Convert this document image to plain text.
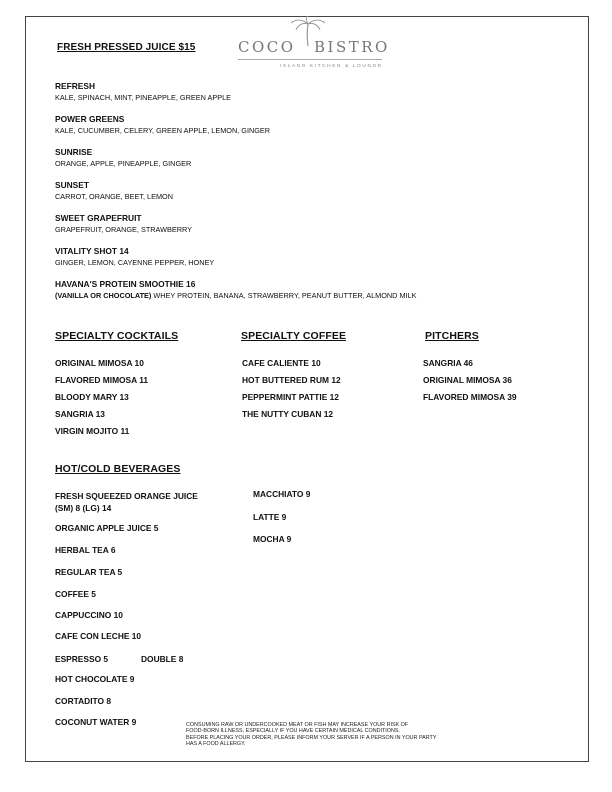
COCO BISTRO
ISLAND KITCHEN & LOUNGE
FRESH PRESSED JUICE $15
REFRESH
KALE, SPINACH, MINT, PINEAPPLE, GREEN APPLE
POWER GREENS
KALE, CUCUMBER, CELERY, GREEN APPLE, LEMON, GINGER
SUNRISE
ORANGE, APPLE, PINEAPPLE, GINGER
SUNSET
CARROT, ORANGE, BEET, LEMON
SWEET GRAPEFRUIT
GRAPEFRUIT, ORANGE, STRAWBERRY
VITALITY SHOT 14
GINGER, LEMON, CAYENNE PEPPER, HONEY
HAVANA'S PROTEIN SMOOTHIE 16
(VANILLA OR CHOCOLATE) WHEY PROTEIN, BANANA, STRAWBERRY, PEANUT BUTTER, ALMOND MILK
SPECIALTY COCKTAILS
ORIGINAL MIMOSA 10
FLAVORED MIMOSA 11
BLOODY MARY 13
SANGRIA 13
VIRGIN MOJITO 11
SPECIALTY COFFEE
CAFE CALIENTE 10
HOT BUTTERED RUM 12
PEPPERMINT PATTIE 12
THE NUTTY CUBAN 12
PITCHERS
SANGRIA 46
ORIGINAL MIMOSA 36
FLAVORED MIMOSA 39
HOT/COLD BEVERAGES
FRESH SQUEEZED ORANGE JUICE
(SM) 8 (LG) 14
ORGANIC APPLE JUICE 5
HERBAL TEA 6
REGULAR TEA 5
COFFEE 5
CAPPUCCINO 10
CAFE CON LECHE 10
ESPRESSO 5	DOUBLE 8
HOT CHOCOLATE 9
CORTADITO 8
COCONUT WATER 9
MACCHIATO 9
LATTE 9
MOCHA 9
CONSUMING RAW OR UNDERCOOKED MEAT OR FISH MAY INCREASE YOUR RISK OF
FOOD-BORN ILLNESS, ESPECIALLY IF YOU HAVE CERTAIN MEDICAL CONDITIONS.
BEFORE PLACING YOUR ORDER, PLEASE INFORM YOUR SERVER IF A PERSON IN YOUR PARTY
HAS A FOOD ALLERGY.
